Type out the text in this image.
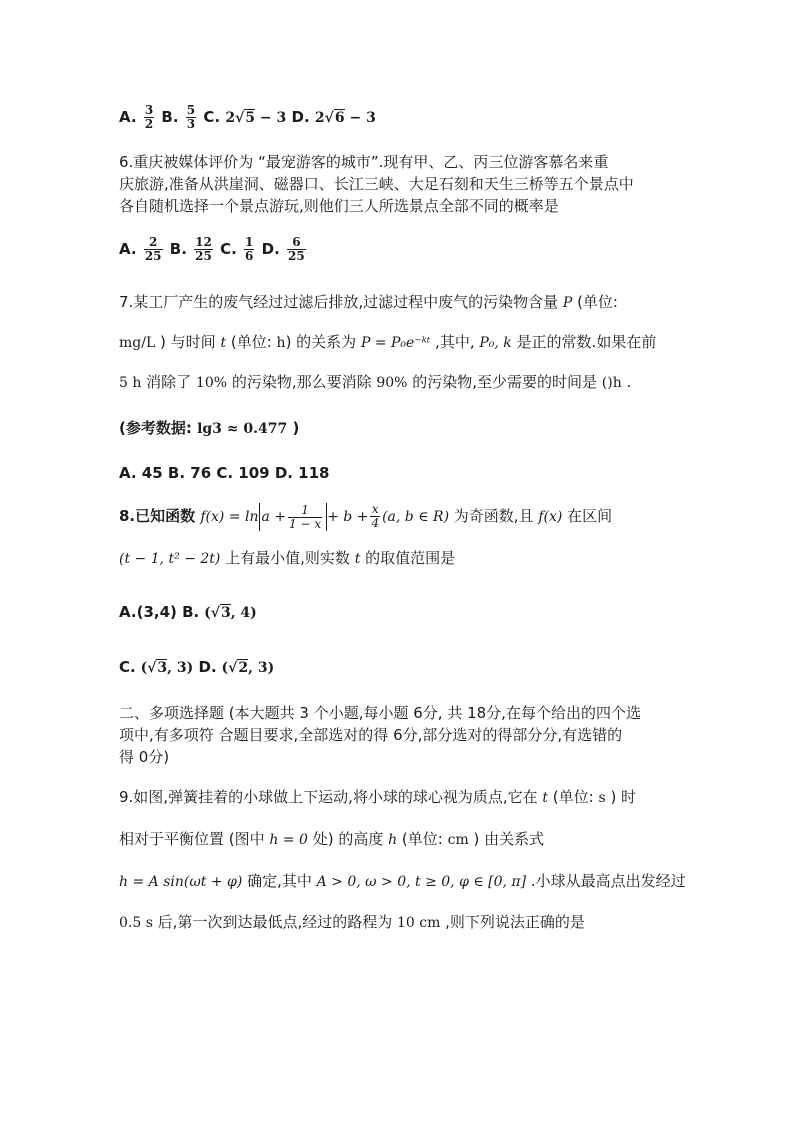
A. $\frac{3}{2} B$. $\frac{5}{3} C$. 2√5 − 3 D. 2√6 − 3
6.重庆被媒体评价为 “最宠游客的城市”.现有甲、乙、丙三位游客慕名来重
庆旅游,准备从洪崖洞、磁器口、长江三峡、大足石刻和天生三桥等五个景点中
各自随机选择一个景点游玩,则他们三人所选景点全部不同的概率是
A. $\frac{2}{25} B$. $\frac{12}{25} C$. $\frac{1}{6} D$. $\frac{6}{25}$
7.某工厂产生的废气经过过滤后排放,过滤过程中废气的污染物含量 P (单位:
mg/L ) 与时间 t (单位: h) 的关系为 P = P₀e⁻ᵏᵗ ,其中, P₀, k 是正的常数.如果在前
5 h 消除了 10% 的污染物,那么要消除 90% 的污染物,至少需要的时间是 ()h .
(参考数据: lg3 ≈ 0.477 )
A. 45 B. 76 C. 109 D. 118
8.已知函数 $f(x) = \ln a + \frac{1}{1 - x} + b + \frac{x}{4} (a$, b ∈ R) 为奇函数,且 f(x) 在区间
(t − 1, t² − 2t) 上有最小值,则实数 t 的取值范围是
A.(3,4) B. (√3, 4)
C. (√3, 3) D. (√2, 3)
二、多项选择题 (本大题共 3 个小题,每小题 6分, 共 18分,在每个给出的四个选
项中,有多项符 合题目要求,全部选对的得 6分,部分选对的得部分分,有选错的
得 0分)
9.如图,弹簧挂着的小球做上下运动,将小球的球心视为质点,它在 t (单位: s ) 时
相对于平衡位置 (图中 h = 0 处) 的高度 h (单位: cm ) 由关系式
h = A sin(ωt + φ) 确定,其中 A > 0, ω > 0, t ≥ 0, φ ∈ [0, π] .小球从最高点出发经过
0.5 s 后,第一次到达最低点,经过的路程为 10 cm ,则下列说法正确的是
